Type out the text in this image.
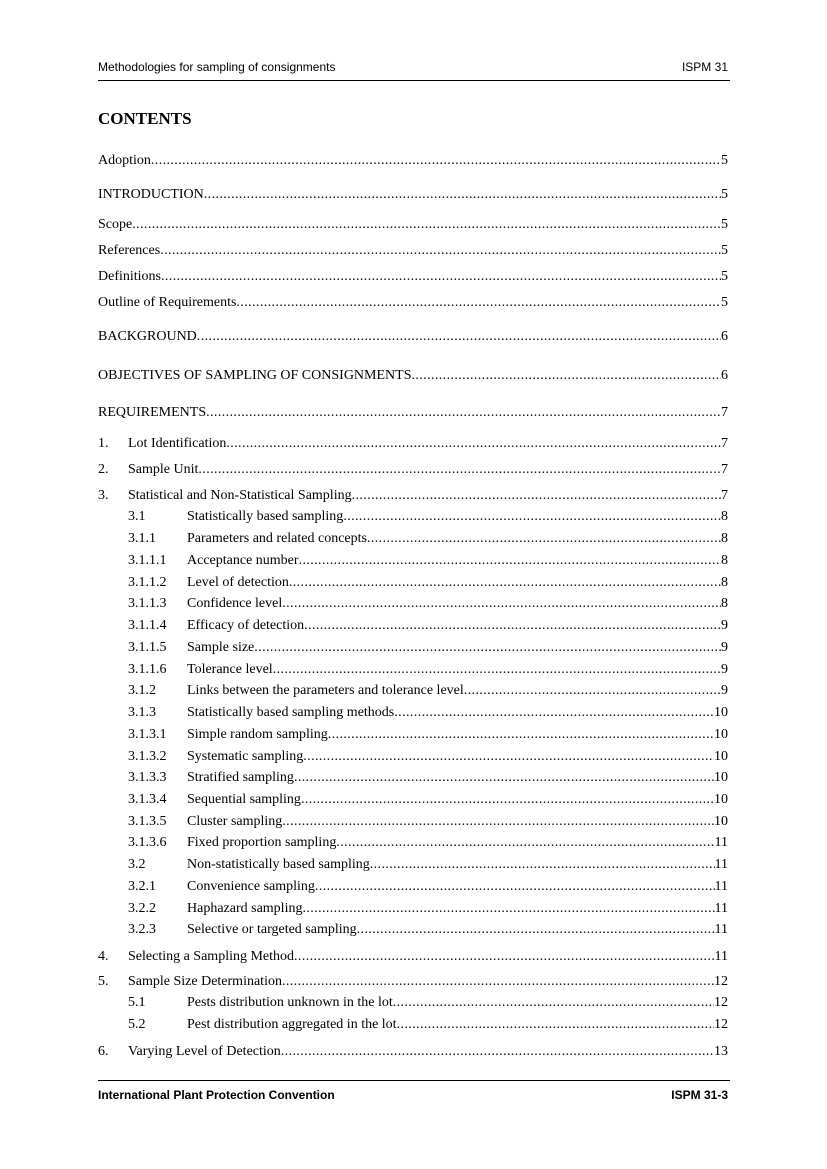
Methodologies for sampling of consignments	ISPM 31
CONTENTS
Adoption .....	5
INTRODUCTION .....	5
Scope .....	5
References .....	5
Definitions .....	5
Outline of Requirements .....	5
BACKGROUND .....	6
OBJECTIVES OF SAMPLING OF CONSIGNMENTS .....	6
REQUIREMENTS .....	7
1.	Lot Identification .....	7
2.	Sample Unit .....	7
3.	Statistical and Non-Statistical Sampling .....	7
3.1	Statistically based sampling .....	8
3.1.1	Parameters and related concepts .....	8
3.1.1.1	Acceptance number .....	8
3.1.1.2	Level of detection .....	8
3.1.1.3	Confidence level .....	8
3.1.1.4	Efficacy of detection .....	9
3.1.1.5	Sample size .....	9
3.1.1.6	Tolerance level .....	9
3.1.2	Links between the parameters and tolerance level .....	9
3.1.3	Statistically based sampling methods .....	10
3.1.3.1	Simple random sampling .....	10
3.1.3.2	Systematic sampling .....	10
3.1.3.3	Stratified sampling .....	10
3.1.3.4	Sequential sampling .....	10
3.1.3.5	Cluster sampling .....	10
3.1.3.6	Fixed proportion sampling .....	11
3.2	Non-statistically based sampling .....	11
3.2.1	Convenience sampling .....	11
3.2.2	Haphazard sampling .....	11
3.2.3	Selective or targeted sampling .....	11
4.	Selecting a Sampling Method .....	11
5.	Sample Size Determination .....	12
5.1	Pests distribution unknown in the lot .....	12
5.2	Pest distribution aggregated in the lot .....	12
6.	Varying Level of Detection .....	13
International Plant Protection Convention	ISPM 31-3
